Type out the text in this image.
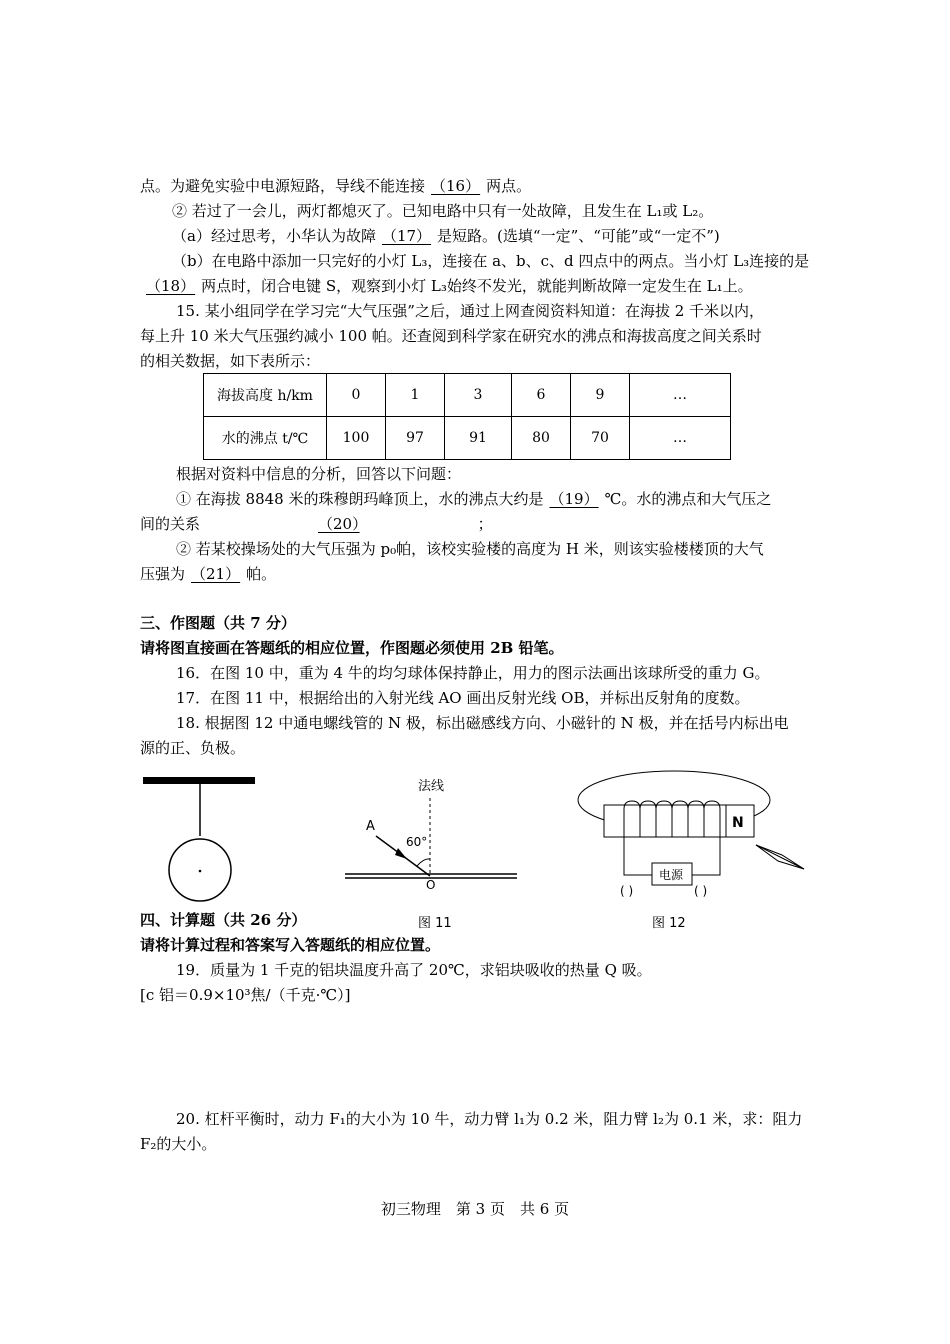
点。为避免实验中电源短路，导线不能连接 （16） 两点。
② 若过了一会儿，两灯都熄灭了。已知电路中只有一处故障，且发生在 L₁或 L₂。
（a）经过思考，小华认为故障 （17） 是短路。(选填“一定”、“可能”或“一定不”)
（b）在电路中添加一只完好的小灯 L₃，连接在 a、b、c、d 四点中的两点。当小灯 L₃连接的是
（18） 两点时，闭合电键 S，观察到小灯 L₃始终不发光，就能判断故障一定发生在 L₁上。
15. 某小组同学在学习完“大气压强”之后，通过上网查阅资料知道：在海拔 2 千米以内，
每上升 10 米大气压强约减小 100 帕。还查阅到科学家在研究水的沸点和海拔高度之间关系时
的相关数据，如下表所示：
海拔高度 h/km	0	1	3	6	9	…
水的沸点 t/℃	100	97	91	80	70	…
根据对资料中信息的分析，回答以下问题：
① 在海拔 8848 米的珠穆朗玛峰顶上，水的沸点大约是 （19） ℃。水的沸点和大气压之
间的关系	（20）	；
② 若某校操场处的大气压强为 p₀帕，该校实验楼的高度为 H 米，则该实验楼楼顶的大气
压强为 （21） 帕。
三、作图题（共 7 分）
请将图直接画在答题纸的相应位置，作图题必须使用 2B 铅笔。
16．在图 10 中，重为 4 牛的均匀球体保持静止，用力的图示法画出该球所受的重力 G。
17．在图 11 中，根据给出的入射光线 AO 画出反射光线 OB，并标出反射角的度数。
18. 根据图 12 中通电螺线管的 N 极，标出磁感线方向、小磁针的 N 极，并在括号内标出电
源的正、负极。
法线
A
60°
O
N
电源
( )	( )
四、计算题（共 26 分）	图 11	图 12
请将计算过程和答案写入答题纸的相应位置。
19．质量为 1 千克的铝块温度升高了 20℃，求铝块吸收的热量 Q 吸。
[c 铝＝0.9×10³焦/（千克·℃）]
20. 杠杆平衡时，动力 F₁的大小为 10 牛，动力臂 l₁为 0.2 米，阻力臂 l₂为 0.1 米，求：阻力
F₂的大小。
初三物理　第 3 页　共 6 页
